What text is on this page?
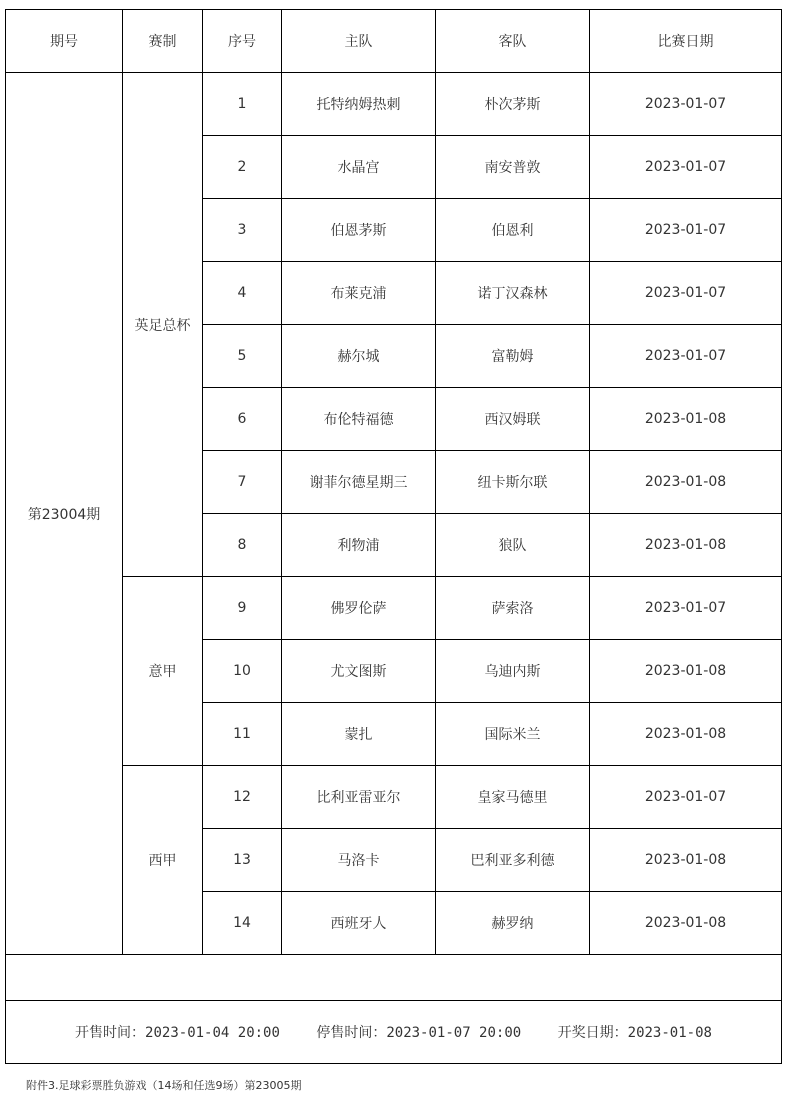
期号	赛制	序号	主队	客队	比赛日期
第23004期	英足总杯	1	托特纳姆热刺	朴次茅斯	2023-01-07
		2	水晶宫	南安普敦	2023-01-07
		3	伯恩茅斯	伯恩利	2023-01-07
		4	布莱克浦	诺丁汉森林	2023-01-07
		5	赫尔城	富勒姆	2023-01-07
		6	布伦特福德	西汉姆联	2023-01-08
		7	谢菲尔德星期三	纽卡斯尔联	2023-01-08
		8	利物浦	狼队	2023-01-08
	意甲	9	佛罗伦萨	萨索洛	2023-01-07
		10	尤文图斯	乌迪内斯	2023-01-08
		11	蒙扎	国际米兰	2023-01-08
	西甲	12	比利亚雷亚尔	皇家马德里	2023-01-07
		13	马洛卡	巴利亚多利德	2023-01-08
		14	西班牙人	赫罗纳	2023-01-08

开售时间：2023-01-04 20:00 停售时间：2023-01-07 20:00 开奖日期：2023-01-08					
附件3.足球彩票胜负游戏（14场和任选9场）第23005期
